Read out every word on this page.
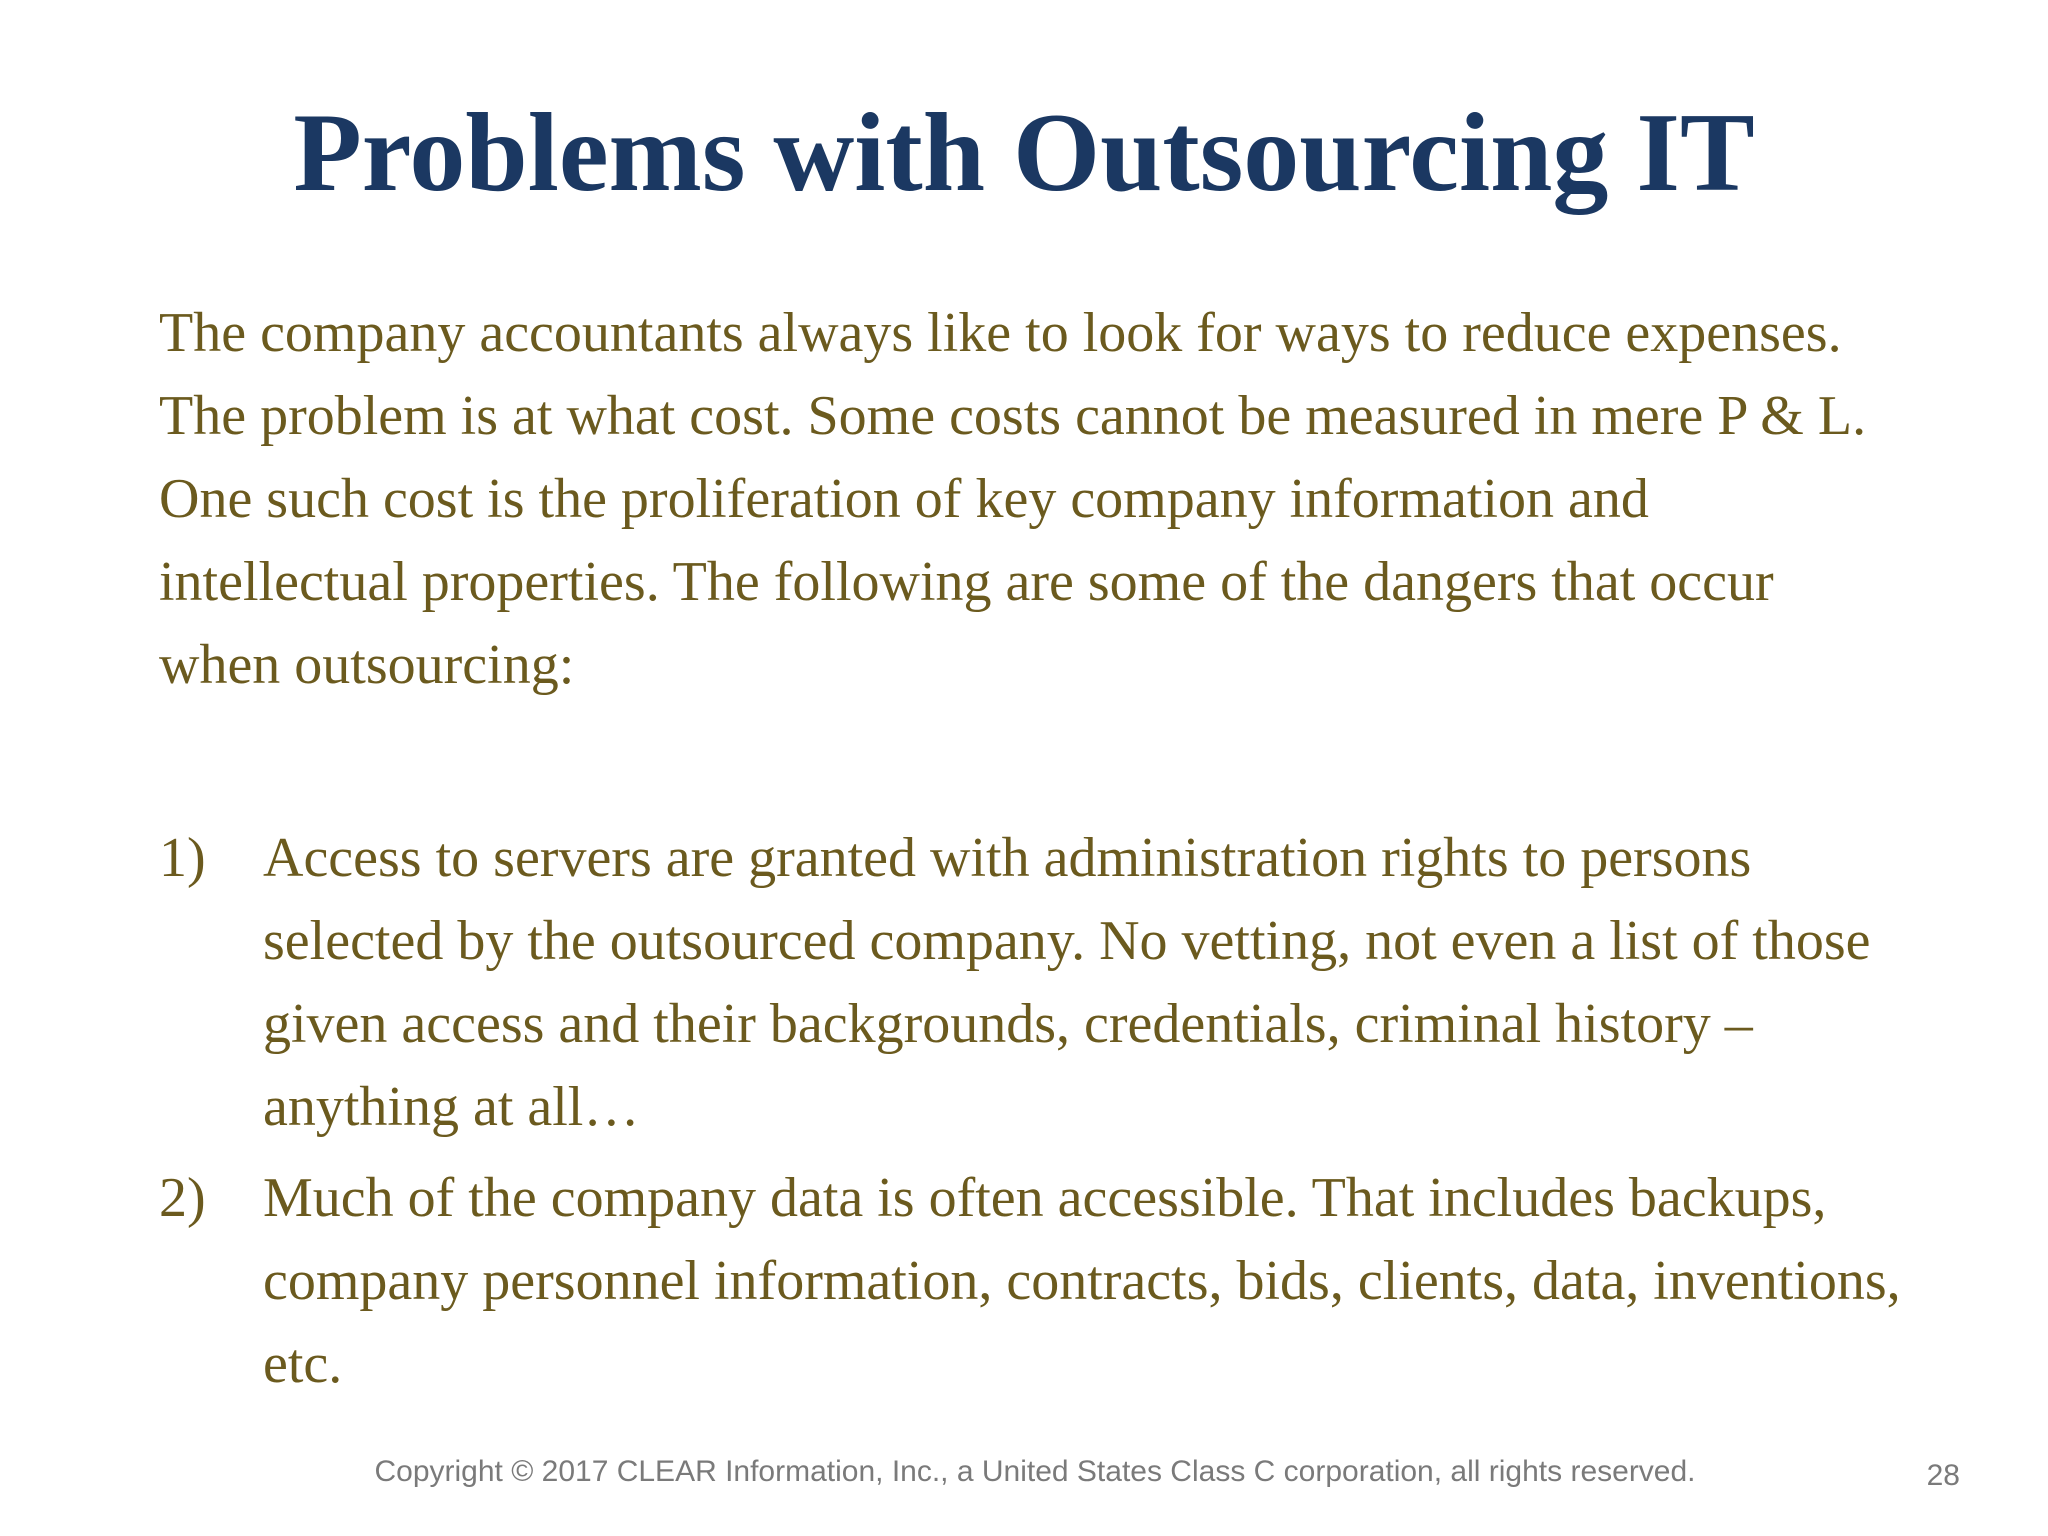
Problems with Outsourcing IT

The company accountants always like to look for ways to reduce expenses.
The problem is at what cost. Some costs cannot be measured in mere P & L.
One such cost is the proliferation of key company information and
intellectual properties. The following are some of the dangers that occur
when outsourcing:

1) Access to servers are granted with administration rights to persons
selected by the outsourced company. No vetting, not even a list of those
given access and their backgrounds, credentials, criminal history –
anything at all…
2) Much of the company data is often accessible. That includes backups,
company personnel information, contracts, bids, clients, data, inventions,
etc.
Copyright © 2017 CLEAR Information, Inc., a United States Class C corporation, all rights reserved.	28
